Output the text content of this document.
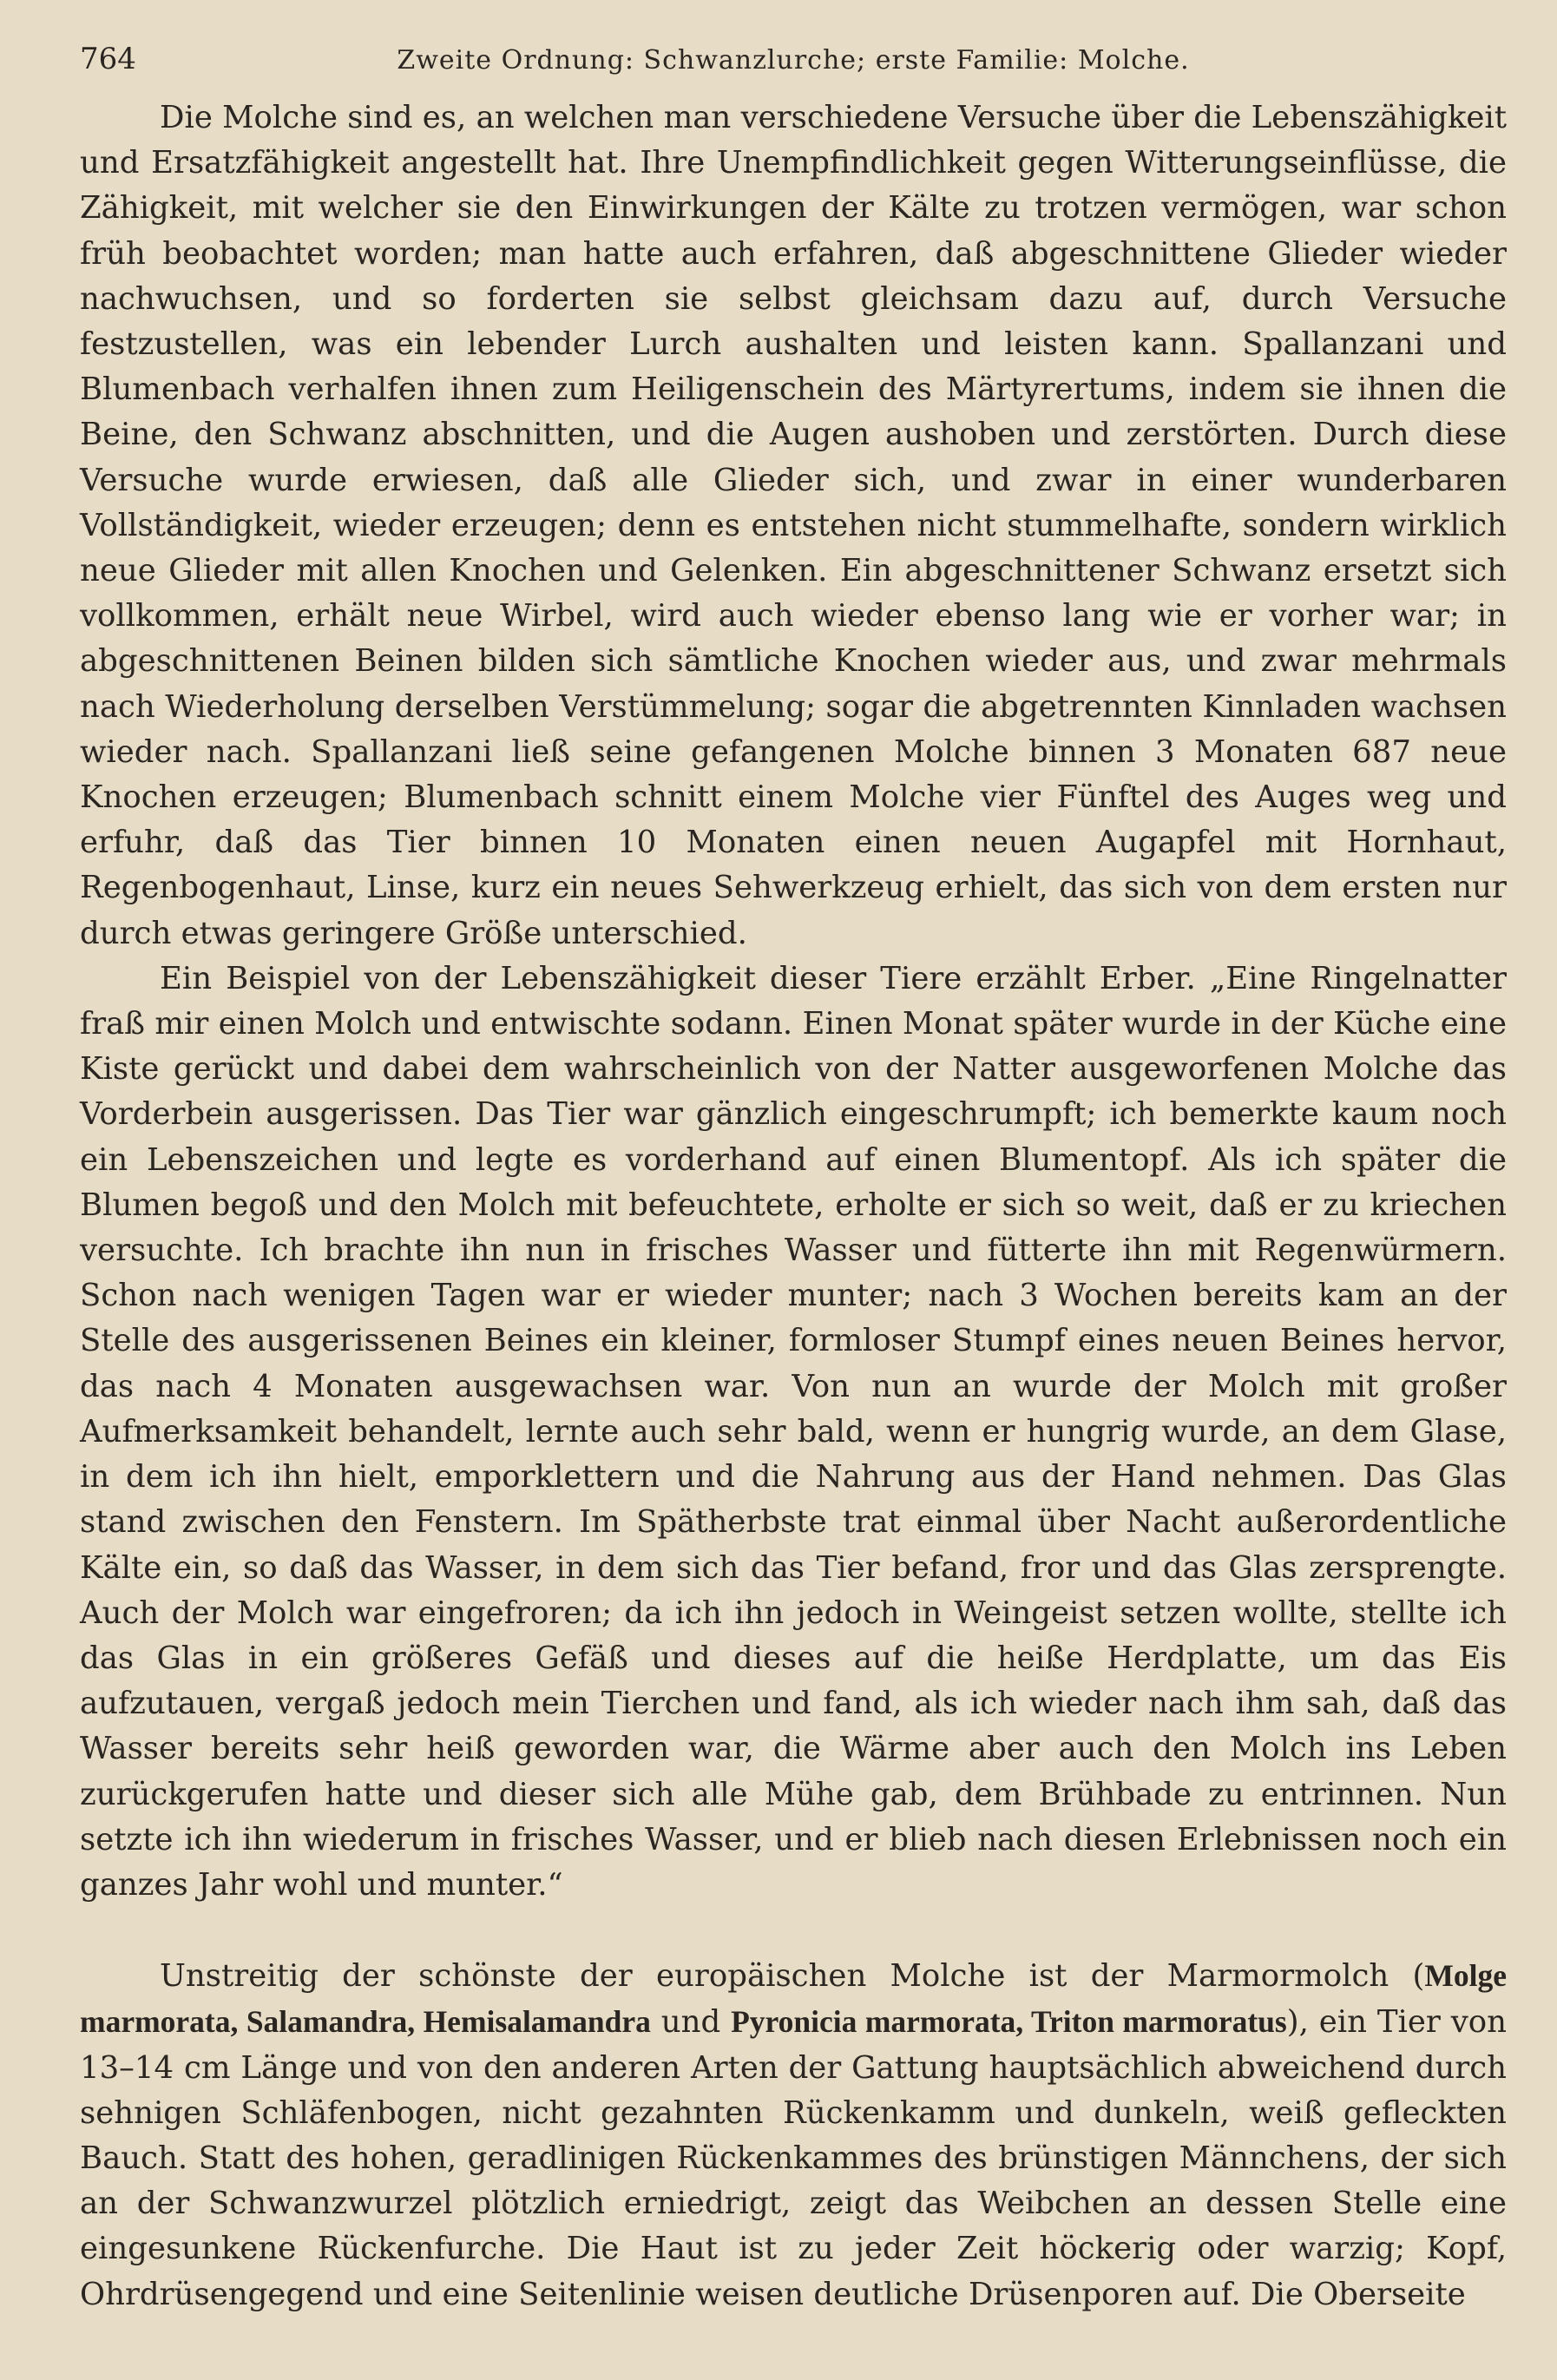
764	Zweite Ordnung: Schwanzlurche; erste Familie: Molche.

Die Molche sind es, an welchen man verschiedene Versuche über die Lebenszähigkeit und Ersatzfähigkeit angestellt hat. Ihre Unempfindlichkeit gegen Witterungseinflüsse, die Zähigkeit, mit welcher sie den Einwirkungen der Kälte zu trotzen vermögen, war schon früh beobachtet worden; man hatte auch erfahren, daß abgeschnittene Glieder wieder nachwuchsen, und so forderten sie selbst gleichsam dazu auf, durch Versuche festzustellen, was ein lebender Lurch aushalten und leisten kann. Spallanzani und Blumenbach verhalfen ihnen zum Heiligenschein des Märtyrertums, indem sie ihnen die Beine, den Schwanz abschnitten, und die Augen aushoben und zerstörten. Durch diese Versuche wurde erwiesen, daß alle Glieder sich, und zwar in einer wunderbaren Vollständigkeit, wieder erzeugen; denn es entstehen nicht stummelhafte, sondern wirklich neue Glieder mit allen Knochen und Gelenken. Ein abgeschnittener Schwanz ersetzt sich vollkommen, erhält neue Wirbel, wird auch wieder ebenso lang wie er vorher war; in abgeschnittenen Beinen bilden sich sämtliche Knochen wieder aus, und zwar mehrmals nach Wiederholung derselben Verstümmelung; sogar die abgetrennten Kinnladen wachsen wieder nach. Spallanzani ließ seine gefangenen Molche binnen 3 Monaten 687 neue Knochen erzeugen; Blumenbach schnitt einem Molche vier Fünftel des Auges weg und erfuhr, daß das Tier binnen 10 Monaten einen neuen Augapfel mit Hornhaut, Regenbogenhaut, Linse, kurz ein neues Sehwerkzeug erhielt, das sich von dem ersten nur durch etwas geringere Größe unterschied.

Ein Beispiel von der Lebenszähigkeit dieser Tiere erzählt Erber. „Eine Ringelnatter fraß mir einen Molch und entwischte sodann. Einen Monat später wurde in der Küche eine Kiste gerückt und dabei dem wahrscheinlich von der Natter ausgeworfenen Molche das Vorderbein ausgerissen. Das Tier war gänzlich eingeschrumpft; ich bemerkte kaum noch ein Lebenszeichen und legte es vorderhand auf einen Blumentopf. Als ich später die Blumen begoß und den Molch mit befeuchtete, erholte er sich so weit, daß er zu kriechen versuchte. Ich brachte ihn nun in frisches Wasser und fütterte ihn mit Regenwürmern. Schon nach wenigen Tagen war er wieder munter; nach 3 Wochen bereits kam an der Stelle des ausgerissenen Beines ein kleiner, formloser Stumpf eines neuen Beines hervor, das nach 4 Monaten ausgewachsen war. Von nun an wurde der Molch mit großer Aufmerksamkeit behandelt, lernte auch sehr bald, wenn er hungrig wurde, an dem Glase, in dem ich ihn hielt, emporklettern und die Nahrung aus der Hand nehmen. Das Glas stand zwischen den Fenstern. Im Spätherbste trat einmal über Nacht außerordentliche Kälte ein, so daß das Wasser, in dem sich das Tier befand, fror und das Glas zersprengte. Auch der Molch war eingefroren; da ich ihn jedoch in Weingeist setzen wollte, stellte ich das Glas in ein größeres Gefäß und dieses auf die heiße Herdplatte, um das Eis aufzutauen, vergaß jedoch mein Tierchen und fand, als ich wieder nach ihm sah, daß das Wasser bereits sehr heiß geworden war, die Wärme aber auch den Molch ins Leben zurückgerufen hatte und dieser sich alle Mühe gab, dem Brühbade zu entrinnen. Nun setzte ich ihn wiederum in frisches Wasser, und er blieb nach diesen Erlebnissen noch ein ganzes Jahr wohl und munter.“

Unstreitig der schönste der europäischen Molche ist der Marmormolch (Molge marmorata, Salamandra, Hemisalamandra und Pyronicia marmorata, Triton marmoratus), ein Tier von 13–14 cm Länge und von den anderen Arten der Gattung hauptsächlich abweichend durch sehnigen Schläfenbogen, nicht gezahnten Rückenkamm und dunkeln, weiß gefleckten Bauch. Statt des hohen, geradlinigen Rückenkammes des brünstigen Männchens, der sich an der Schwanzwurzel plötzlich erniedrigt, zeigt das Weibchen an dessen Stelle eine eingesunkene Rückenfurche. Die Haut ist zu jeder Zeit höckerig oder warzig; Kopf, Ohrdrüsengegend und eine Seitenlinie weisen deutliche Drüsenporen auf. Die Oberseite
